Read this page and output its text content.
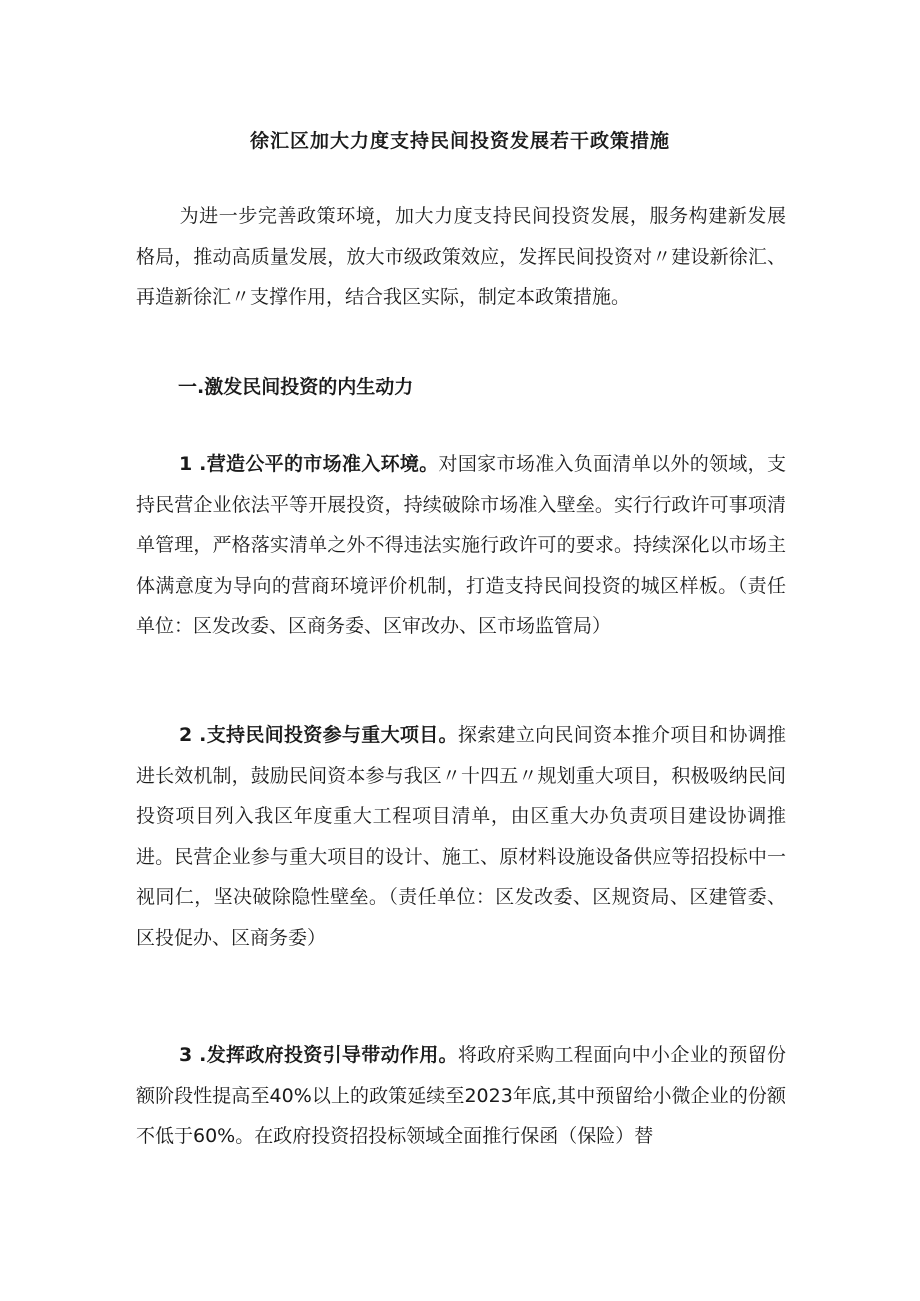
徐汇区加大力度支持民间投资发展若干政策措施

为进一步完善政策环境，加大力度支持民间投资发展，服务构建新发展格局，推动高质量发展，放大市级政策效应，发挥民间投资对〃建设新徐汇、再造新徐汇〃支撑作用，结合我区实际，制定本政策措施。

一.激发民间投资的内生动力

1 .营造公平的市场准入环境。对国家市场准入负面清单以外的领域，支持民营企业依法平等开展投资，持续破除市场准入壁垒。实行行政许可事项清单管理，严格落实清单之外不得违法实施行政许可的要求。持续深化以市场主体满意度为导向的营商环境评价机制，打造支持民间投资的城区样板。（责任单位：区发改委、区商务委、区审改办、区市场监管局）

2 .支持民间投资参与重大项目。探索建立向民间资本推介项目和协调推进长效机制，鼓励民间资本参与我区〃十四五〃规划重大项目，积极吸纳民间投资项目列入我区年度重大工程项目清单，由区重大办负责项目建设协调推进。民营企业参与重大项目的设计、施工、原材料设施设备供应等招投标中一视同仁，坚决破除隐性壁垒。（责任单位：区发改委、区规资局、区建管委、区投促办、区商务委）

3 .发挥政府投资引导带动作用。将政府采购工程面向中小企业的预留份额阶段性提高至40%以上的政策延续至2023年底,其中预留给小微企业的份额不低于60%。在政府投资招投标领域全面推行保函（保险）替
